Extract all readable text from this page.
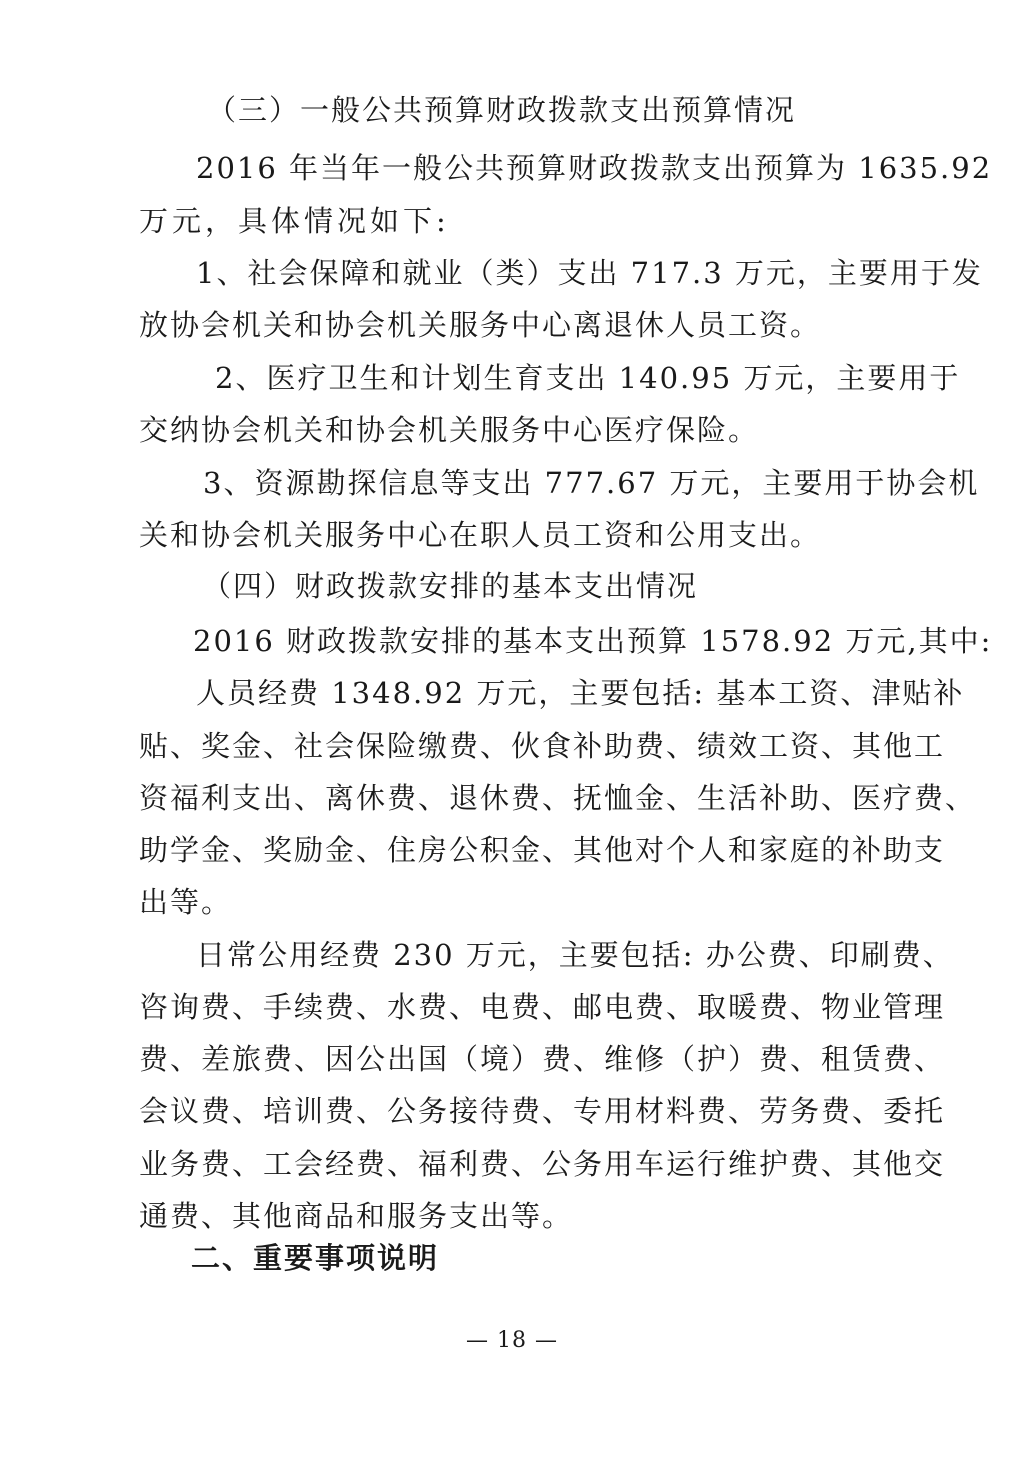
（三）一般公共预算财政拨款支出预算情况
2016 年当年一般公共预算财政拨款支出预算为 1635.92
万元，具体情况如下:
1、社会保障和就业（类）支出 717.3 万元，主要用于发
放协会机关和协会机关服务中心离退休人员工资。
2、医疗卫生和计划生育支出 140.95 万元，主要用于
交纳协会机关和协会机关服务中心医疗保险。
3、资源勘探信息等支出 777.67 万元，主要用于协会机
关和协会机关服务中心在职人员工资和公用支出。
（四）财政拨款安排的基本支出情况
2016 财政拨款安排的基本支出预算 1578.92 万元,其中:
人员经费 1348.92 万元，主要包括: 基本工资、津贴补
贴、奖金、社会保险缴费、伙食补助费、绩效工资、其他工
资福利支出、离休费、退休费、抚恤金、生活补助、医疗费、
助学金、奖励金、住房公积金、其他对个人和家庭的补助支
出等。
日常公用经费 230 万元，主要包括: 办公费、印刷费、
咨询费、手续费、水费、电费、邮电费、取暖费、物业管理
费、差旅费、因公出国（境）费、维修（护）费、租赁费、
会议费、培训费、公务接待费、专用材料费、劳务费、委托
业务费、工会经费、福利费、公务用车运行维护费、其他交
通费、其他商品和服务支出等。
二、重要事项说明
— 18 —
